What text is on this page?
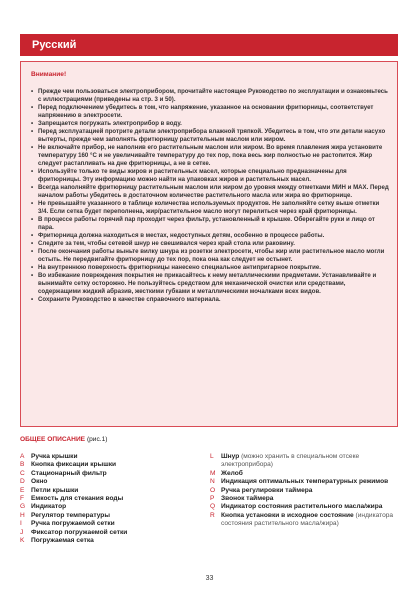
Русский
Внимание!
• Прежде чем пользоваться электроприбором, прочитайте настоящее Руководство по эксплуатации и ознакомьтесь с иллюстрациями (приведены на стр. 3 и 50).
• Перед подключением убедитесь в том, что напряжение, указанное на основании фритюрницы, соответствует напряжению в электросети.
• Запрещается погружать электроприбор в воду.
• Перед эксплуатацией протрите детали электроприбора влажной тряпкой. Убедитесь в том, что эти детали насухо вытерты, прежде чем заполнять фритюрницу растительным маслом или жиром.
• Не включайте прибор, не наполнив его растительным маслом или жиром. Во время плавления жира установите температуру 160 °С и не увеличивайте температуру до тех пор, пока весь жир полностью не растопится. Жир следует растапливать на дне фритюрницы, а не в сетке.
• Используйте только те виды жиров и растительных масел, которые специально предназначены для фритюрницы. Эту информацию можно найти на упаковках жиров и растительных масел.
• Всегда наполняйте фритюрницу растительным маслом или жиром до уровня между отметками МИН и МАХ. Перед началом работы убедитесь в достаточном количестве растительного масла или жира во фритюрнице.
• Не превышайте указанного в таблице количества используемых продуктов. Не заполняйте сетку выше отметки 3/4. Если сетка будет переполнена, жир/растительное масло могут перелиться через край фритюрницы.
• В процессе работы горячий пар проходит через фильтр, установленный в крышке. Оберегайте руки и лицо от пара.
• Фритюрница должна находиться в местах, недоступных детям, особенно в процессе работы.
• Следите за тем, чтобы сетевой шнур не свешивался через край стола или раковину.
• После окончания работы выньте вилку шнура из розетки электросети, чтобы жир или растительное масло могли остыть. Не передвигайте фритюрницу до тех пор, пока она как следует не остынет.
• На внутреннюю поверхность фритюрницы нанесено специальное антипригарное покрытие.
• Во избежание повреждения покрытия не прикасайтесь к нему металлическими предметами. Устанавливайте и вынимайте сетку осторожно. Не пользуйтесь средством для механической очистки или средствами, содержащими жидкий абразив, жесткими губками и металлическими мочалками всех видов.
• Сохраните Руководство в качестве справочного материала.
ОБЩЕЕ ОПИСАНИЕ (рис.1)
A Ручка крышки
B Кнопка фиксации крышки
C Стационарный фильтр
D Окно
E Петли крышки
F	Емкость для стекания воды
G Индикатор
H Регулятор температуры
I	Ручка погружаемой сетки
J	Фиксатор погружаемой сетки
K Погружаемая сетка
L	Шнур (можно хранить в специальном отсеке электроприбора)
M Желоб
N Индикация оптимальных температурных режимов
O Ручка регулировки таймера
P Звонок таймера
Q Индикатор состояния растительного масла/жира
R Кнопка установки в исходное состояние (индикатора состояния растительного масла/жира)
33
